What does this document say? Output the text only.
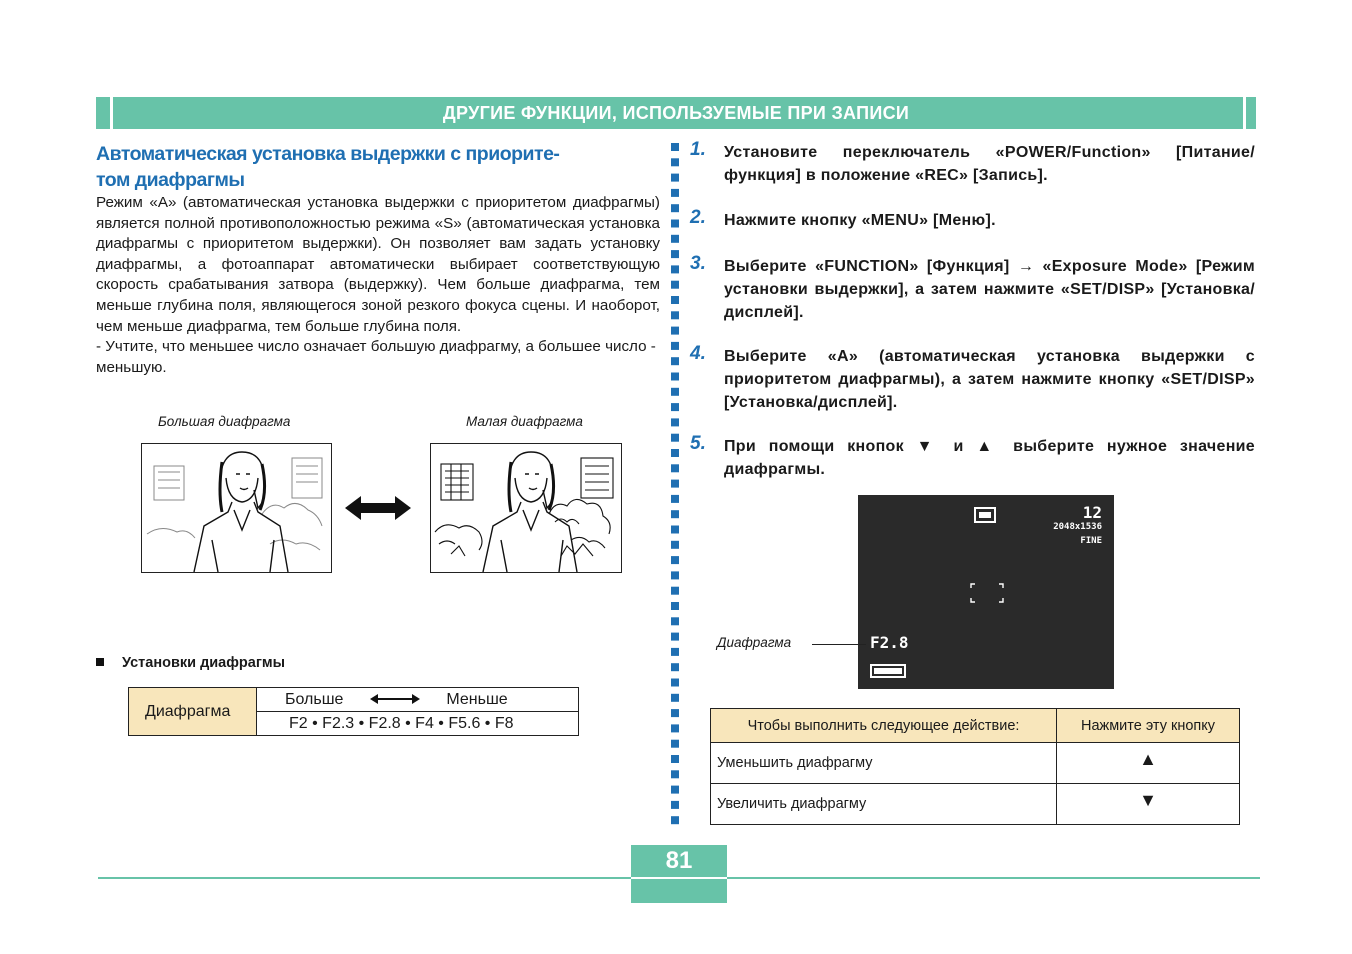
ДРУГИЕ ФУНКЦИИ, ИСПОЛЬЗУЕМЫЕ ПРИ ЗАПИСИ
Автоматическая установка выдержки с приорите-
том диафрагмы

Режим «A» (автоматическая установка выдержки с приоритетом диафрагмы) является полной противоположностью режима «S» (автоматическая установка диафрагмы с приоритетом выдержки). Он позволяет вам задать установку диафрагмы, а фотоаппарат автоматически выбирает соответствующую скорость срабатывания затвора (выдержку). Чем больше диафрагма, тем меньше глубина поля, являющегося зоной резкого фокуса сцены. И наоборот, чем меньше диафрагма, тем больше глубина поля.

- Учтите, что меньшее число означает большую диафрагму, а большее число - меньшую.

Большая диафрагма	Малая диафрагма
Установки диафрагмы
Диафрагма	Больше	Меньше
F2 • F2.3 • F2.8 • F4 • F5.6 • F8
1. Установите переключатель «POWER/Function» [Питание/функция] в положение «REC» [Запись].
2. Нажмите кнопку «MENU» [Меню].
3. Выберите «FUNCTION» [Функция] → «Exposure Mode» [Режим установки выдержки], а затем нажмите «SET/DISP» [Установка/дисплей].
4. Выберите «A» (автоматическая установка выдержки с приоритетом диафрагмы), а затем нажмите кнопку «SET/DISP» [Установка/дисплей].
5. При помощи кнопок ▼ и ▲ выберите нужное значение диафрагмы.
12
2048x1536
FINE
F2.8
Диафрагма
Чтобы выполнить следующее действие:	Нажмите эту кнопку
Уменьшить диафрагму	▲
Увеличить диафрагму	▼
81
